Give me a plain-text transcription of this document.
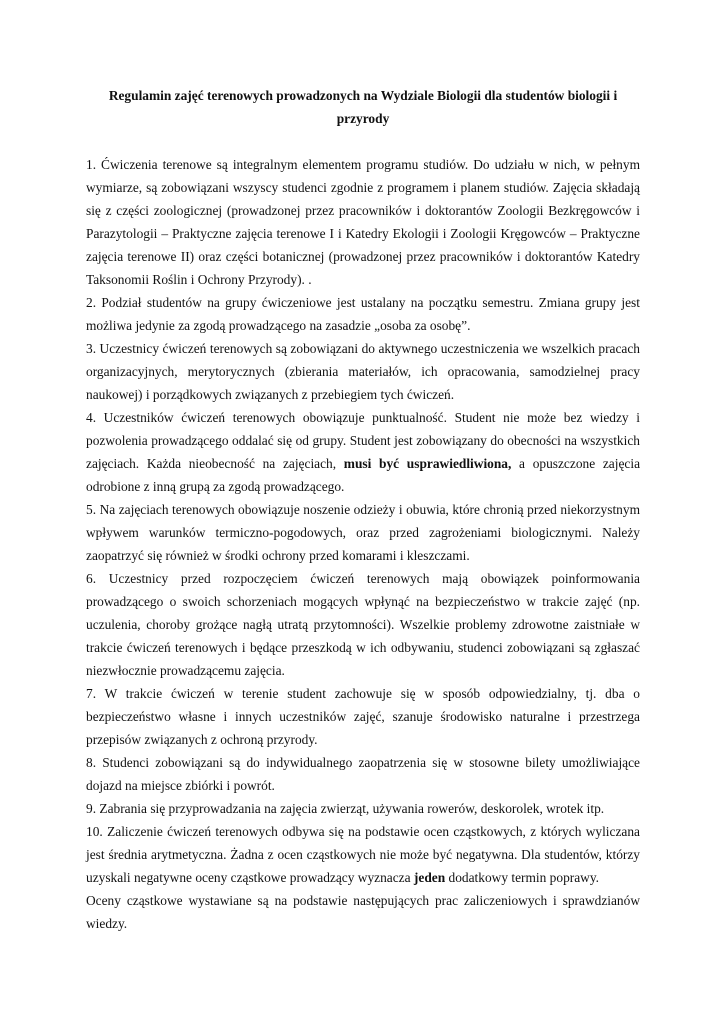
Regulamin zajęć terenowych prowadzonych na Wydziale Biologii dla studentów biologii i
przyrody

1. Ćwiczenia terenowe są integralnym elementem programu studiów. Do udziału w nich, w pełnym wymiarze, są zobowiązani wszyscy studenci zgodnie z programem i planem studiów. Zajęcia składają się z części zoologicznej (prowadzonej przez pracowników i doktorantów Zoologii Bezkręgowców i Parazytologii – Praktyczne zajęcia terenowe I i Katedry Ekologii i Zoologii Kręgowców – Praktyczne zajęcia terenowe II) oraz części botanicznej (prowadzonej przez pracowników i doktorantów Katedry Taksonomii Roślin i Ochrony Przyrody). .

2. Podział studentów na grupy ćwiczeniowe jest ustalany na początku semestru. Zmiana grupy jest możliwa jedynie za zgodą prowadzącego na zasadzie „osoba za osobę”.

3. Uczestnicy ćwiczeń terenowych są zobowiązani do aktywnego uczestniczenia we wszelkich pracach organizacyjnych, merytorycznych (zbierania materiałów, ich opracowania, samodzielnej pracy naukowej) i porządkowych związanych z przebiegiem tych ćwiczeń.

4. Uczestników ćwiczeń terenowych obowiązuje punktualność. Student nie może bez wiedzy i pozwolenia prowadzącego oddalać się od grupy. Student jest zobowiązany do obecności na wszystkich zajęciach. Każda nieobecność na zajęciach, musi być usprawiedliwiona, a opuszczone zajęcia odrobione z inną grupą za zgodą prowadzącego.

5. Na zajęciach terenowych obowiązuje noszenie odzieży i obuwia, które chronią przed niekorzystnym wpływem warunków termiczno-pogodowych, oraz przed zagrożeniami biologicznymi. Należy zaopatrzyć się również w środki ochrony przed komarami i kleszczami.

6. Uczestnicy przed rozpoczęciem ćwiczeń terenowych mają obowiązek poinformowania prowadzącego o swoich schorzeniach mogących wpłynąć na bezpieczeństwo w trakcie zajęć (np. uczulenia, choroby grożące nagłą utratą przytomności). Wszelkie problemy zdrowotne zaistniałe w trakcie ćwiczeń terenowych i będące przeszkodą w ich odbywaniu, studenci zobowiązani są zgłaszać niezwłocznie prowadzącemu zajęcia.

7. W trakcie ćwiczeń w terenie student zachowuje się w sposób odpowiedzialny, tj. dba o bezpieczeństwo własne i innych uczestników zajęć, szanuje środowisko naturalne i przestrzega przepisów związanych z ochroną przyrody.

8. Studenci zobowiązani są do indywidualnego zaopatrzenia się w stosowne bilety umożliwiające dojazd na miejsce zbiórki i powrót.

9. Zabrania się przyprowadzania na zajęcia zwierząt, używania rowerów, deskorolek, wrotek itp.

10. Zaliczenie ćwiczeń terenowych odbywa się na podstawie ocen cząstkowych, z których wyliczana jest średnia arytmetyczna. Żadna z ocen cząstkowych nie może być negatywna. Dla studentów, którzy uzyskali negatywne oceny cząstkowe prowadzący wyznacza jeden dodatkowy termin poprawy.

Oceny cząstkowe wystawiane są na podstawie następujących prac zaliczeniowych i sprawdzianów wiedzy.
